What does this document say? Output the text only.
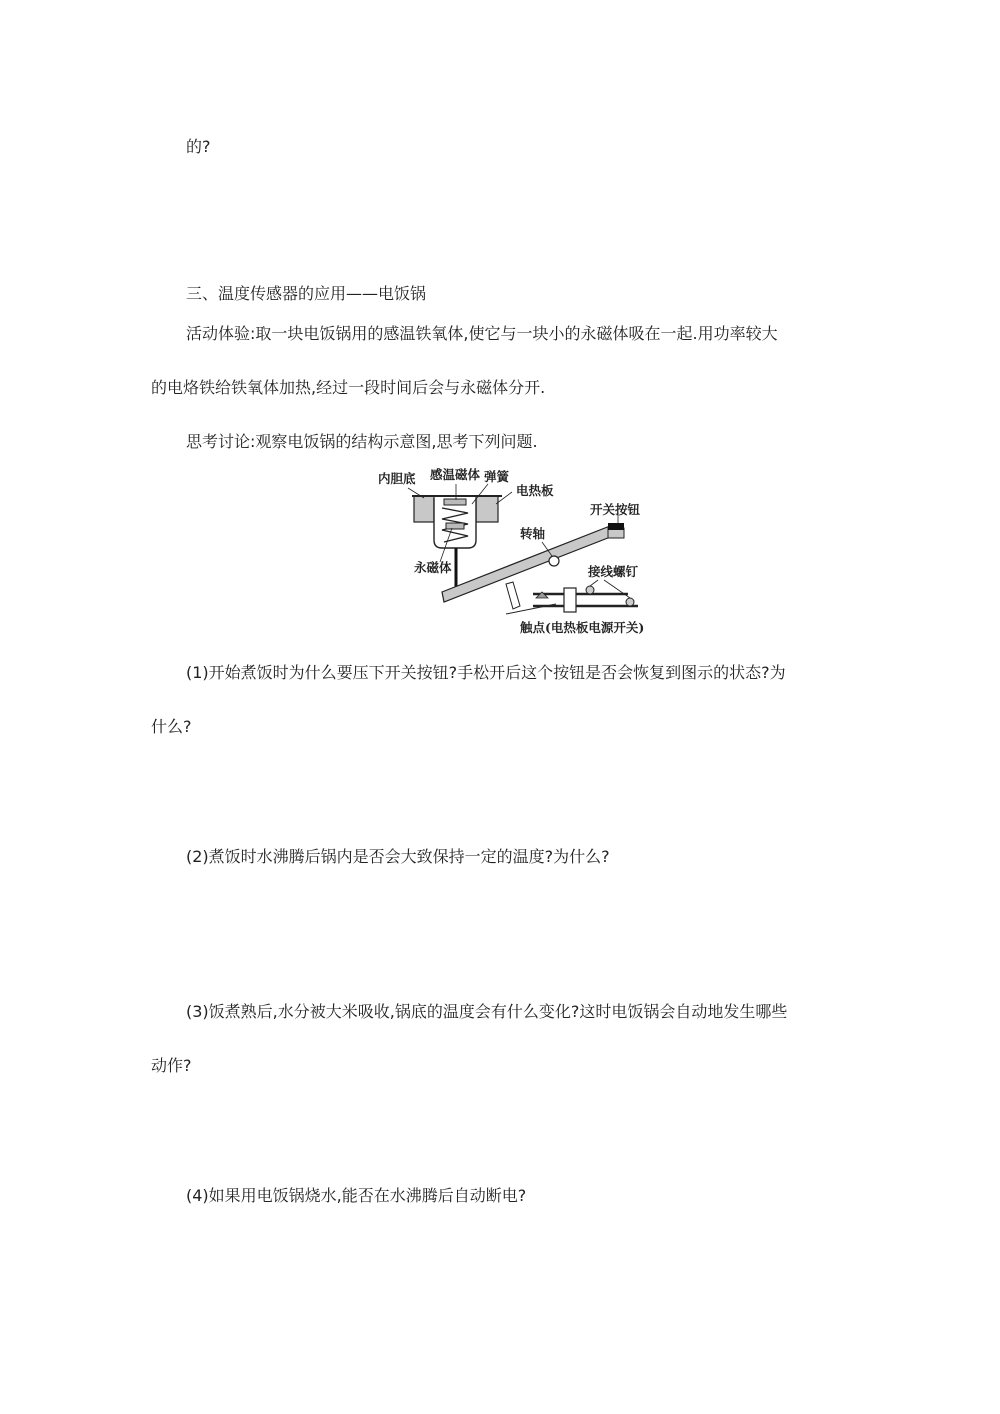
的?
三、温度传感器的应用——电饭锅
活动体验:取一块电饭锅用的感温铁氧体,使它与一块小的永磁体吸在一起.用功率较大
的电烙铁给铁氧体加热,经过一段时间后会与永磁体分开.
思考讨论:观察电饭锅的结构示意图,思考下列问题.
内胆底 感温磁体 弹簧
电热板
开关按钮
转轴
永磁体	接线螺钉
触点(电热板电源开关)
(1)开始煮饭时为什么要压下开关按钮?手松开后这个按钮是否会恢复到图示的状态?为
什么?
(2)煮饭时水沸腾后锅内是否会大致保持一定的温度?为什么?
(3)饭煮熟后,水分被大米吸收,锅底的温度会有什么变化?这时电饭锅会自动地发生哪些
动作?
(4)如果用电饭锅烧水,能否在水沸腾后自动断电?
